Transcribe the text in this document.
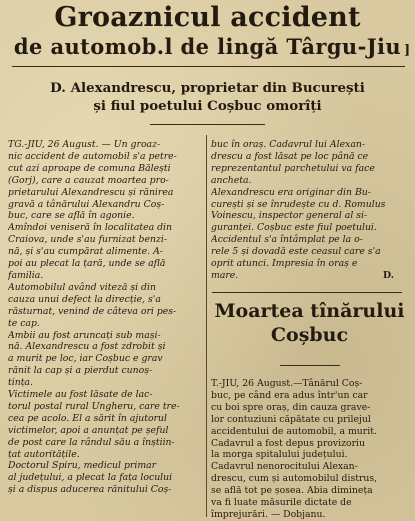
Groaznicul accident
de automob.l de lingă Târgu-Jiu ]
D. Alexandrescu, proprietar din București
și fiul poetului Coșbuc omorîți
TG.-JIU, 26 August. — Un groaz-
nic accident de automobil s'a petre-
cut azi aproape de comuna Bălești
(Gorj), care a cauzat moartea pro-
prietarului Alexandrescu și rănirea
gravă a tânărului Alexandru Coș-
buc, care se află în agonie.
Amîndoi veniseră în localitatea din
Craiova, unde s'au furnizat benzi-
nă, și s'au cumpărat alimente. A-
poi au plecat la țară, unde se află
familia.
Automobilul având viteză și din
cauza unui defect la direcție, s'a
răsturnat, venind de câteva ori pes-
te cap.
Ambii au fost aruncați sub mași-
nă. Alexandrescu a fost zdrobit și
a murit pe loc, iar Coșbuc e grav
rănit la cap și a pierdut cunoș-
tința.
Victimele au fost lăsate de lac-
torul postal rural Ungheru, care tre-
cea pe acolo. El a sărit în ajutorul
victimelor, apoi a anunțat pe șeful
de post care la rândul său a înștiin-
țat autoritățile.
Doctorul Spiru, medicul primar
al județului, a plecat la fața locului
și a dispus aducerea rănitului Coș-
buc în oraș. Cadavrul lui Alexan-
drescu a fost lăsat pe loc până ce
reprezentantul parchetului va face
ancheta.
Alexandrescu era originar din Bu-
curești și se înrudește cu d. Romulus
Voinescu, inspector general al si-
guranței. Coșbuc este fiul poetului.
Accidentul s'a întâmplat pe la o-
rele 5 și dovadă este ceasul care s'a
oprit atunci. Impresia în oraș e
mare.	D.
Moartea tînărului
Coșbuc
T.-JIU, 26 August.—Tânărul Coș-
buc, pe când era adus într'un car
cu boi spre oraș, din cauza grave-
lor contuziuni căpătate cu prilejul
accidentului de automobil, a murit.
Cadavrul a fost depus provizoriu
la morga spitalului județului.
Cadavrul nenorocitului Alexan-
drescu, cum și automobilul distrus,
se află tot pe șosea. Abia dimineța
va fi luate măsurile dictate de
împrejurări. — Dobjanu.
